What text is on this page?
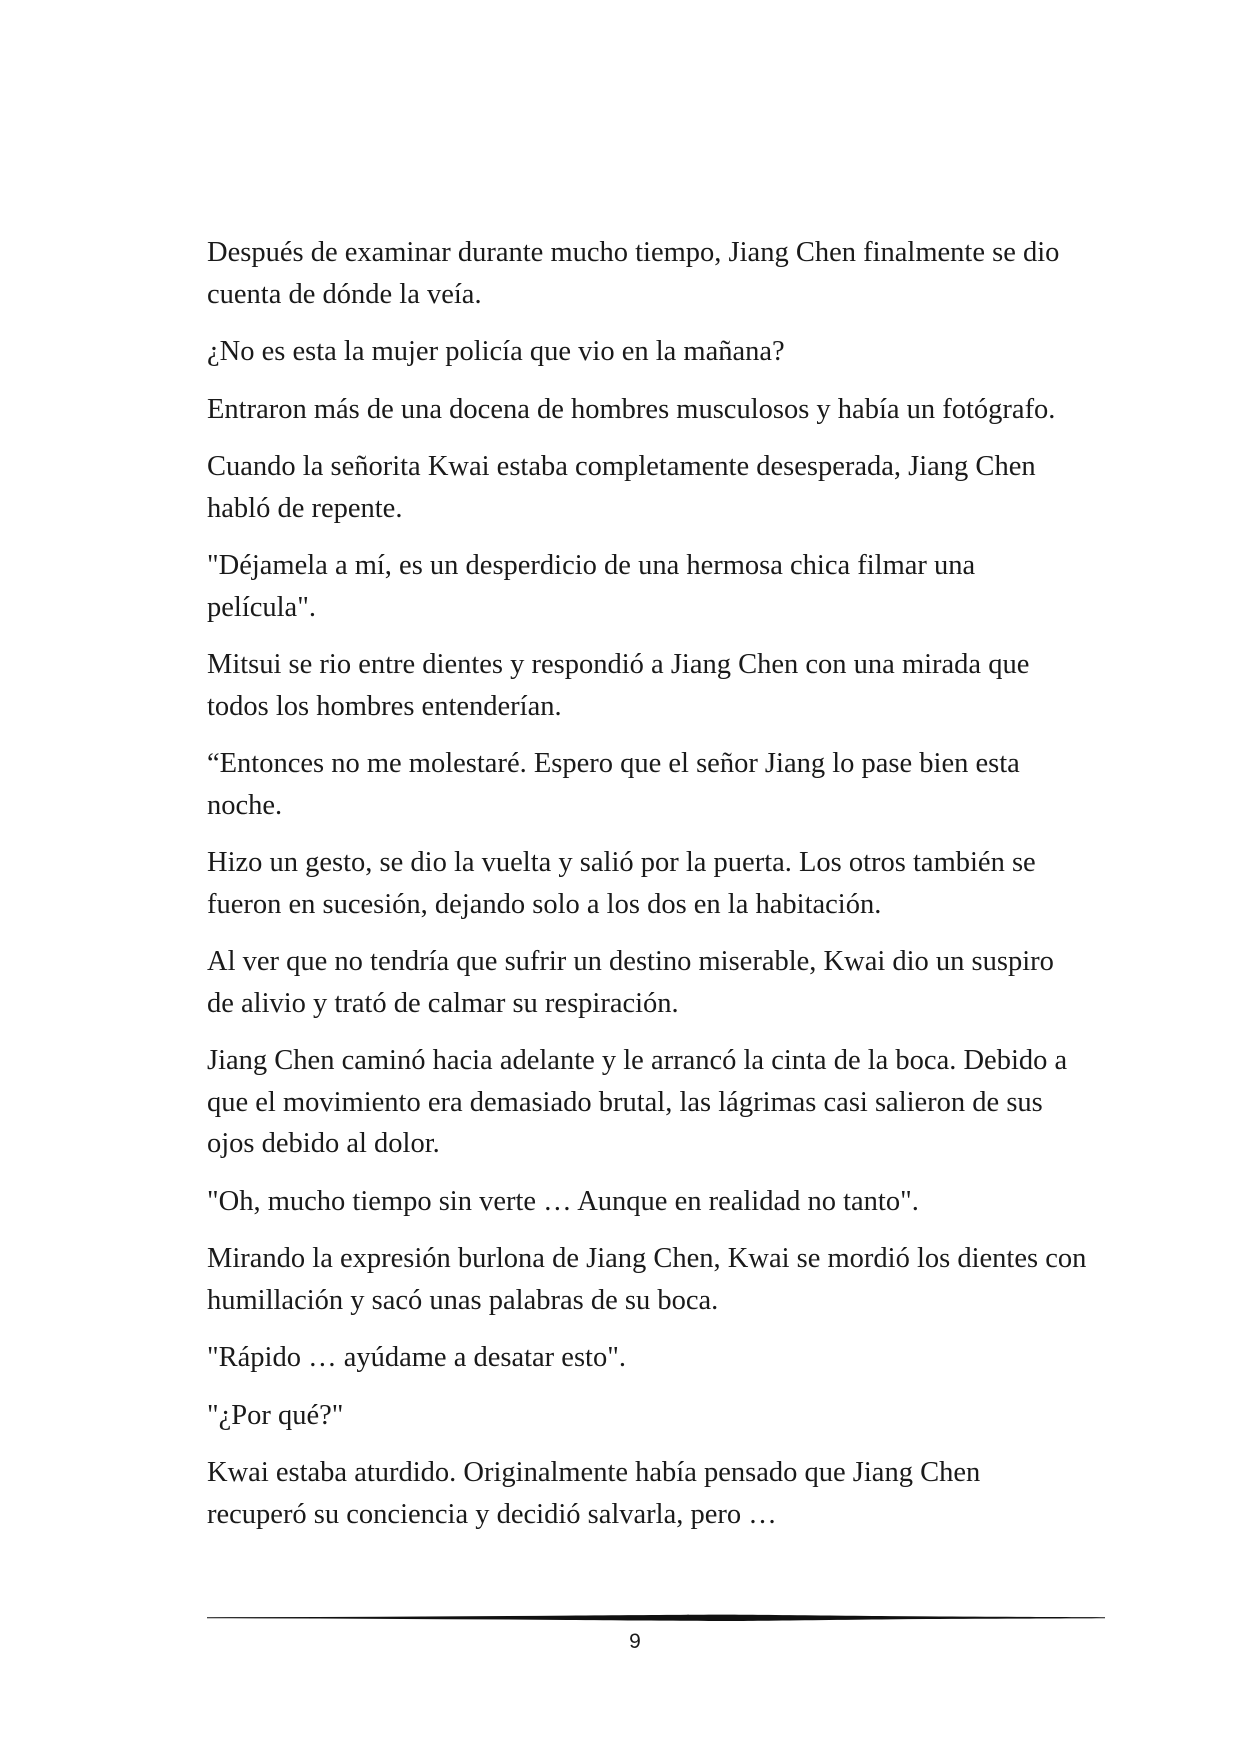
Después de examinar durante mucho tiempo, Jiang Chen finalmente se dio cuenta de dónde la veía.

¿No es esta la mujer policía que vio en la mañana?

Entraron más de una docena de hombres musculosos y había un fotógrafo.

Cuando la señorita Kwai estaba completamente desesperada, Jiang Chen habló de repente.

"Déjamela a mí, es un desperdicio de una hermosa chica filmar una película".

Mitsui se rio entre dientes y respondió a Jiang Chen con una mirada que todos los hombres entenderían.

“Entonces no me molestaré. Espero que el señor Jiang lo pase bien esta noche.

Hizo un gesto, se dio la vuelta y salió por la puerta. Los otros también se fueron en sucesión, dejando solo a los dos en la habitación.

Al ver que no tendría que sufrir un destino miserable, Kwai dio un suspiro de alivio y trató de calmar su respiración.

Jiang Chen caminó hacia adelante y le arrancó la cinta de la boca. Debido a que el movimiento era demasiado brutal, las lágrimas casi salieron de sus ojos debido al dolor.

"Oh, mucho tiempo sin verte … Aunque en realidad no tanto".

Mirando la expresión burlona de Jiang Chen, Kwai se mordió los dientes con humillación y sacó unas palabras de su boca.

"Rápido … ayúdame a desatar esto".

"¿Por qué?"

Kwai estaba aturdido. Originalmente había pensado que Jiang Chen recuperó su conciencia y decidió salvarla, pero …

9
